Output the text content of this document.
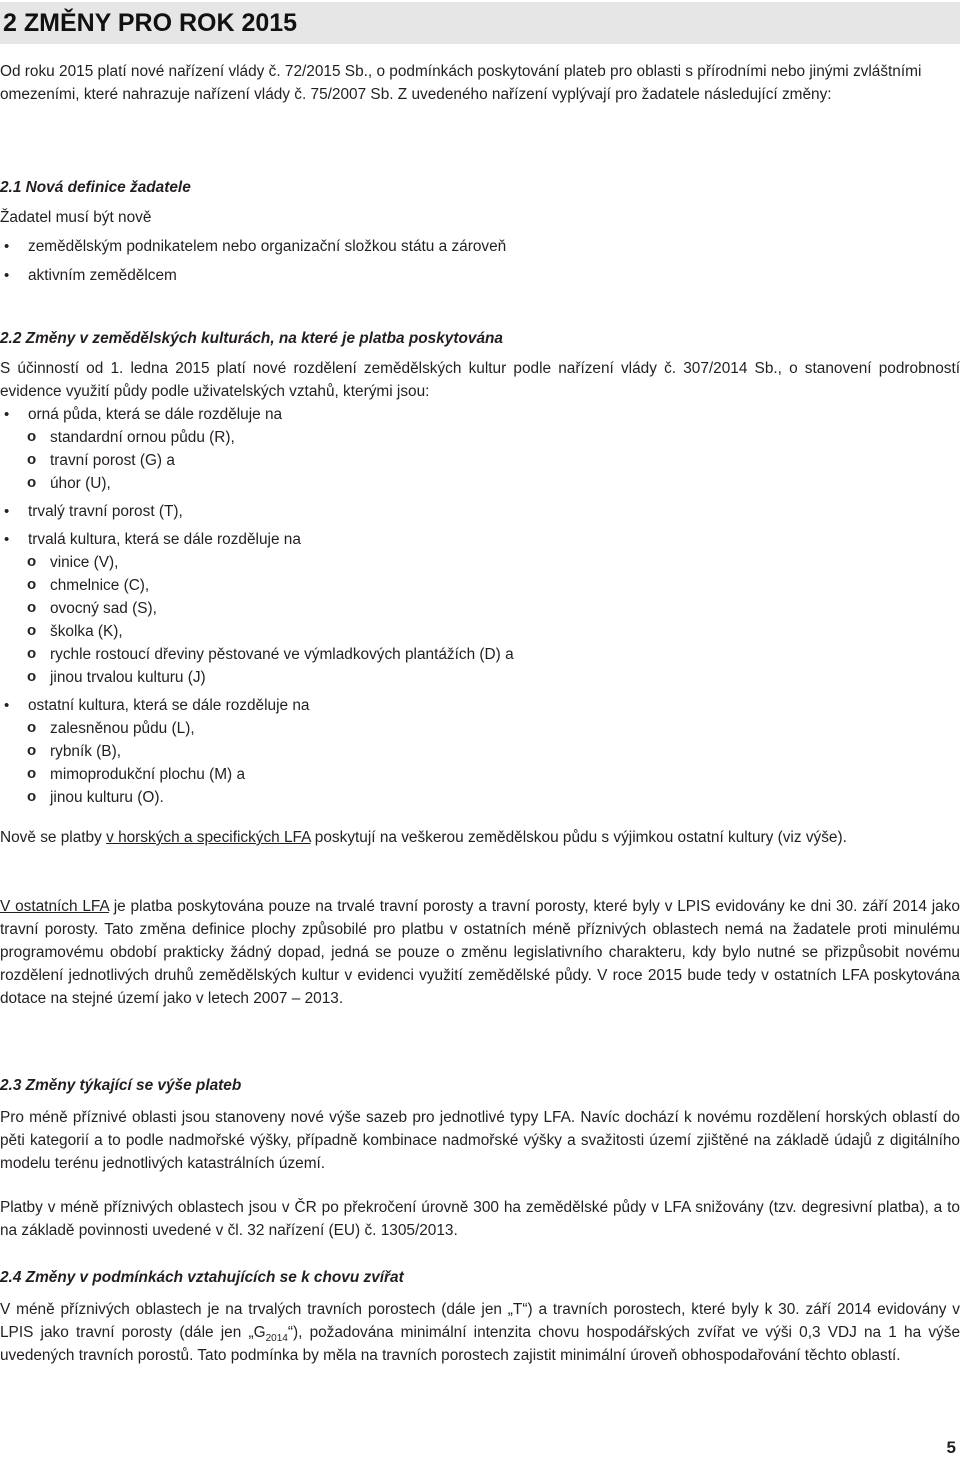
2 ZMĚNY PRO ROK 2015

Od roku 2015 platí nové nařízení vlády č. 72/2015 Sb., o podmínkách poskytování plateb pro oblasti s přírodními nebo jinými zvláštními omezeními, které nahrazuje nařízení vlády č. 75/2007 Sb. Z uvedeného nařízení vyplývají pro žadatele následující změny:

2.1 Nová definice žadatele

Žadatel musí být nově

• zemědělským podnikatelem nebo organizační složkou státu a zároveň
• aktivním zemědělcem

2.2 Změny v zemědělských kulturách, na které je platba poskytována

S účinností od 1. ledna 2015 platí nové rozdělení zemědělských kultur podle nařízení vlády č. 307/2014 Sb., o stanovení podrobností evidence využití půdy podle uživatelských vztahů, kterými jsou:

• orná půda, která se dále rozděluje na
o standardní ornou půdu (R),
o travní porost (G) a
o úhor (U),
• trvalý travní porost (T),
• trvalá kultura, která se dále rozděluje na
o vinice (V),
o chmelnice (C),
o ovocný sad (S),
o školka (K),
o rychle rostoucí dřeviny pěstované ve výmladkových plantážích (D) a
o jinou trvalou kulturu (J)
• ostatní kultura, která se dále rozděluje na
o zalesněnou půdu (L),
o rybník (B),
o mimoprodukční plochu (M) a
o jinou kulturu (O).

Nově se platby v horských a specifických LFA poskytují na veškerou zemědělskou půdu s výjimkou ostatní kultury (viz výše).

V ostatních LFA je platba poskytována pouze na trvalé travní porosty a travní porosty, které byly v LPIS evidovány ke dni 30. září 2014 jako travní porosty. Tato změna definice plochy způsobilé pro platbu v ostatních méně příznivých oblastech nemá na žadatele proti minulému programovému období prakticky žádný dopad, jedná se pouze o změnu legislativního charakteru, kdy bylo nutné se přizpůsobit novému rozdělení jednotlivých druhů zemědělských kultur v evidenci využití zemědělské půdy. V roce 2015 bude tedy v ostatních LFA poskytována dotace na stejné území jako v letech 2007 – 2013.

2.3 Změny týkající se výše plateb

Pro méně příznivé oblasti jsou stanoveny nové výše sazeb pro jednotlivé typy LFA. Navíc dochází k novému rozdělení horských oblastí do pěti kategorií a to podle nadmořské výšky, případně kombinace nadmořské výšky a svažitosti území zjištěné na základě údajů z digitálního modelu terénu jednotlivých katastrálních území.

Platby v méně příznivých oblastech jsou v ČR po překročení úrovně 300 ha zemědělské půdy v LFA snižovány (tzv. degresivní platba), a to na základě povinnosti uvedené v čl. 32 nařízení (EU) č. 1305/2013.

2.4 Změny v podmínkách vztahujících se k chovu zvířat

V méně příznivých oblastech je na trvalých travních porostech (dále jen „T“) a travních porostech, které byly k 30. září 2014 evidovány v LPIS jako travní porosty (dále jen $„G_{2014}“$), požadována minimální intenzita chovu hospodářských zvířat ve výši 0,3 VDJ na 1 ha výše uvedených travních porostů. Tato podmínka by měla na travních porostech zajistit minimální úroveň obhospodařování těchto oblastí.

5
